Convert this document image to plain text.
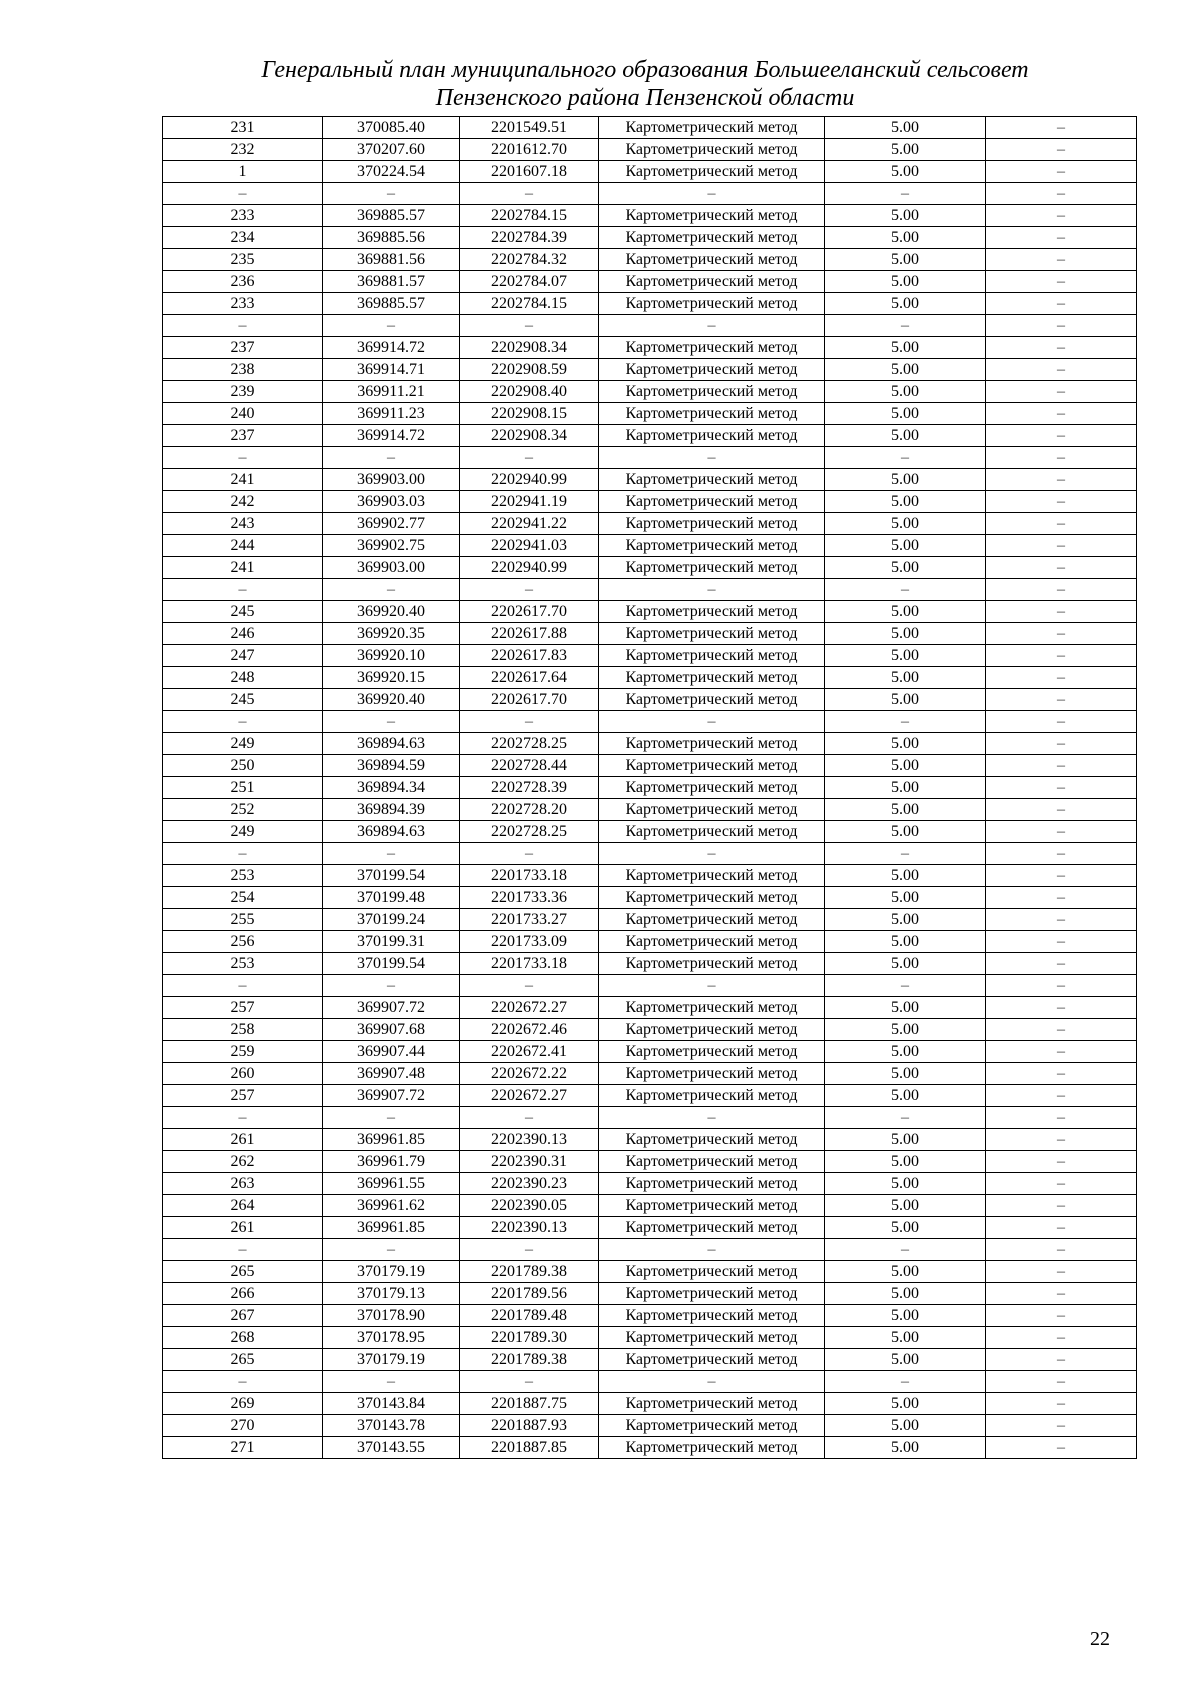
Генеральный план муниципального образования Большееланский сельсовет
Пензенского района Пензенской области
231	370085.40	2201549.51	Картометрический метод	5.00	–
232	370207.60	2201612.70	Картометрический метод	5.00	–
1	370224.54	2201607.18	Картометрический метод	5.00	–
–	–	–	–	–	–
233	369885.57	2202784.15	Картометрический метод	5.00	–
234	369885.56	2202784.39	Картометрический метод	5.00	–
235	369881.56	2202784.32	Картометрический метод	5.00	–
236	369881.57	2202784.07	Картометрический метод	5.00	–
233	369885.57	2202784.15	Картометрический метод	5.00	–
–	–	–	–	–	–
237	369914.72	2202908.34	Картометрический метод	5.00	–
238	369914.71	2202908.59	Картометрический метод	5.00	–
239	369911.21	2202908.40	Картометрический метод	5.00	–
240	369911.23	2202908.15	Картометрический метод	5.00	–
237	369914.72	2202908.34	Картометрический метод	5.00	–
–	–	–	–	–	–
241	369903.00	2202940.99	Картометрический метод	5.00	–
242	369903.03	2202941.19	Картометрический метод	5.00	–
243	369902.77	2202941.22	Картометрический метод	5.00	–
244	369902.75	2202941.03	Картометрический метод	5.00	–
241	369903.00	2202940.99	Картометрический метод	5.00	–
–	–	–	–	–	–
245	369920.40	2202617.70	Картометрический метод	5.00	–
246	369920.35	2202617.88	Картометрический метод	5.00	–
247	369920.10	2202617.83	Картометрический метод	5.00	–
248	369920.15	2202617.64	Картометрический метод	5.00	–
245	369920.40	2202617.70	Картометрический метод	5.00	–
–	–	–	–	–	–
249	369894.63	2202728.25	Картометрический метод	5.00	–
250	369894.59	2202728.44	Картометрический метод	5.00	–
251	369894.34	2202728.39	Картометрический метод	5.00	–
252	369894.39	2202728.20	Картометрический метод	5.00	–
249	369894.63	2202728.25	Картометрический метод	5.00	–
–	–	–	–	–	–
253	370199.54	2201733.18	Картометрический метод	5.00	–
254	370199.48	2201733.36	Картометрический метод	5.00	–
255	370199.24	2201733.27	Картометрический метод	5.00	–
256	370199.31	2201733.09	Картометрический метод	5.00	–
253	370199.54	2201733.18	Картометрический метод	5.00	–
–	–	–	–	–	–
257	369907.72	2202672.27	Картометрический метод	5.00	–
258	369907.68	2202672.46	Картометрический метод	5.00	–
259	369907.44	2202672.41	Картометрический метод	5.00	–
260	369907.48	2202672.22	Картометрический метод	5.00	–
257	369907.72	2202672.27	Картометрический метод	5.00	–
–	–	–	–	–	–
261	369961.85	2202390.13	Картометрический метод	5.00	–
262	369961.79	2202390.31	Картометрический метод	5.00	–
263	369961.55	2202390.23	Картометрический метод	5.00	–
264	369961.62	2202390.05	Картометрический метод	5.00	–
261	369961.85	2202390.13	Картометрический метод	5.00	–
–	–	–	–	–	–
265	370179.19	2201789.38	Картометрический метод	5.00	–
266	370179.13	2201789.56	Картометрический метод	5.00	–
267	370178.90	2201789.48	Картометрический метод	5.00	–
268	370178.95	2201789.30	Картометрический метод	5.00	–
265	370179.19	2201789.38	Картометрический метод	5.00	–
–	–	–	–	–	–
269	370143.84	2201887.75	Картометрический метод	5.00	–
270	370143.78	2201887.93	Картометрический метод	5.00	–
271	370143.55	2201887.85	Картометрический метод	5.00	–
22
